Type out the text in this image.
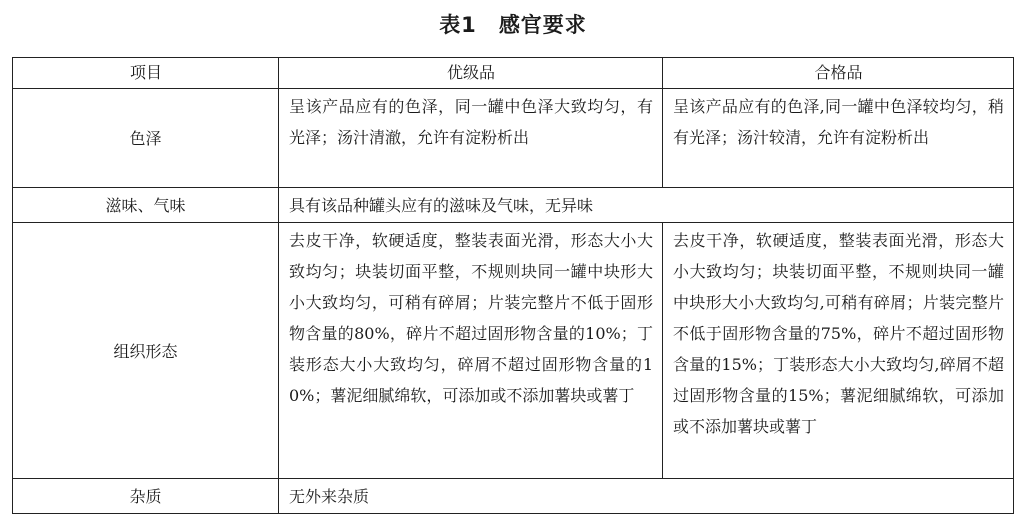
表1 感官要求
项目	优级品	合格品
色泽	呈该产品应有的色泽，同一罐中色泽大致均匀，有光泽；汤汁清澈，允许有淀粉析出	呈该产品应有的色泽,同一罐中色泽较均匀，稍有光泽；汤汁较清，允许有淀粉析出
滋味、气味	具有该品种罐头应有的滋味及气味，无异味	
组织形态	去皮干净，软硬适度，整装表面光滑，形态大小大致均匀；块装切面平整，不规则块同一罐中块形大小大致均匀，可稍有碎屑；片装完整片不低于固形物含量的80%，碎片不超过固形物含量的10%；丁装形态大小大致均匀，碎屑不超过固形物含量的10%；薯泥细腻绵软，可添加或不添加薯块或薯丁	去皮干净，软硬适度，整装表面光滑，形态大小大致均匀；块装切面平整，不规则块同一罐中块形大小大致均匀,可稍有碎屑；片装完整片不低于固形物含量的75%，碎片不超过固形物含量的15%；丁装形态大小大致均匀,碎屑不超过固形物含量的15%；薯泥细腻绵软，可添加或不添加薯块或薯丁
杂质	无外来杂质	
